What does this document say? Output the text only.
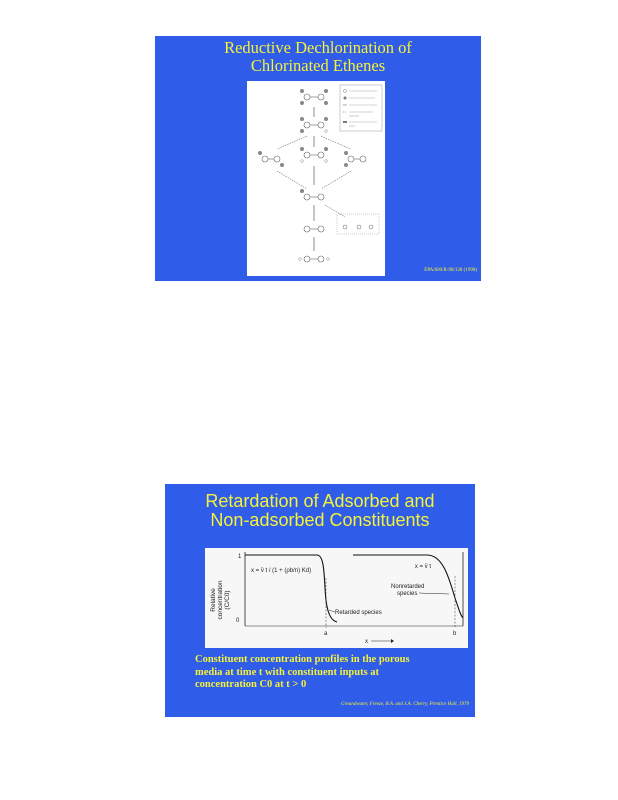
Reductive Dechlorination of
Chlorinated Ethenes
EPA/600/R-98/128 (1998)
Retardation of Adsorbed and
Non-adsorbed Constituents
Relative concentration (C/C0)
1
0
x = v̄ t / (1 + (ρb/n) Kd)
x = v̄ t
Nonretarded
species
Retarded species
a	b
x
Constituent concentration profiles in the porous
media at time t with constituent inputs at
concentration C0 at t > 0
Groundwater, Freeze, R.A. and J.A. Cherry, Prentice Hall, 1979
